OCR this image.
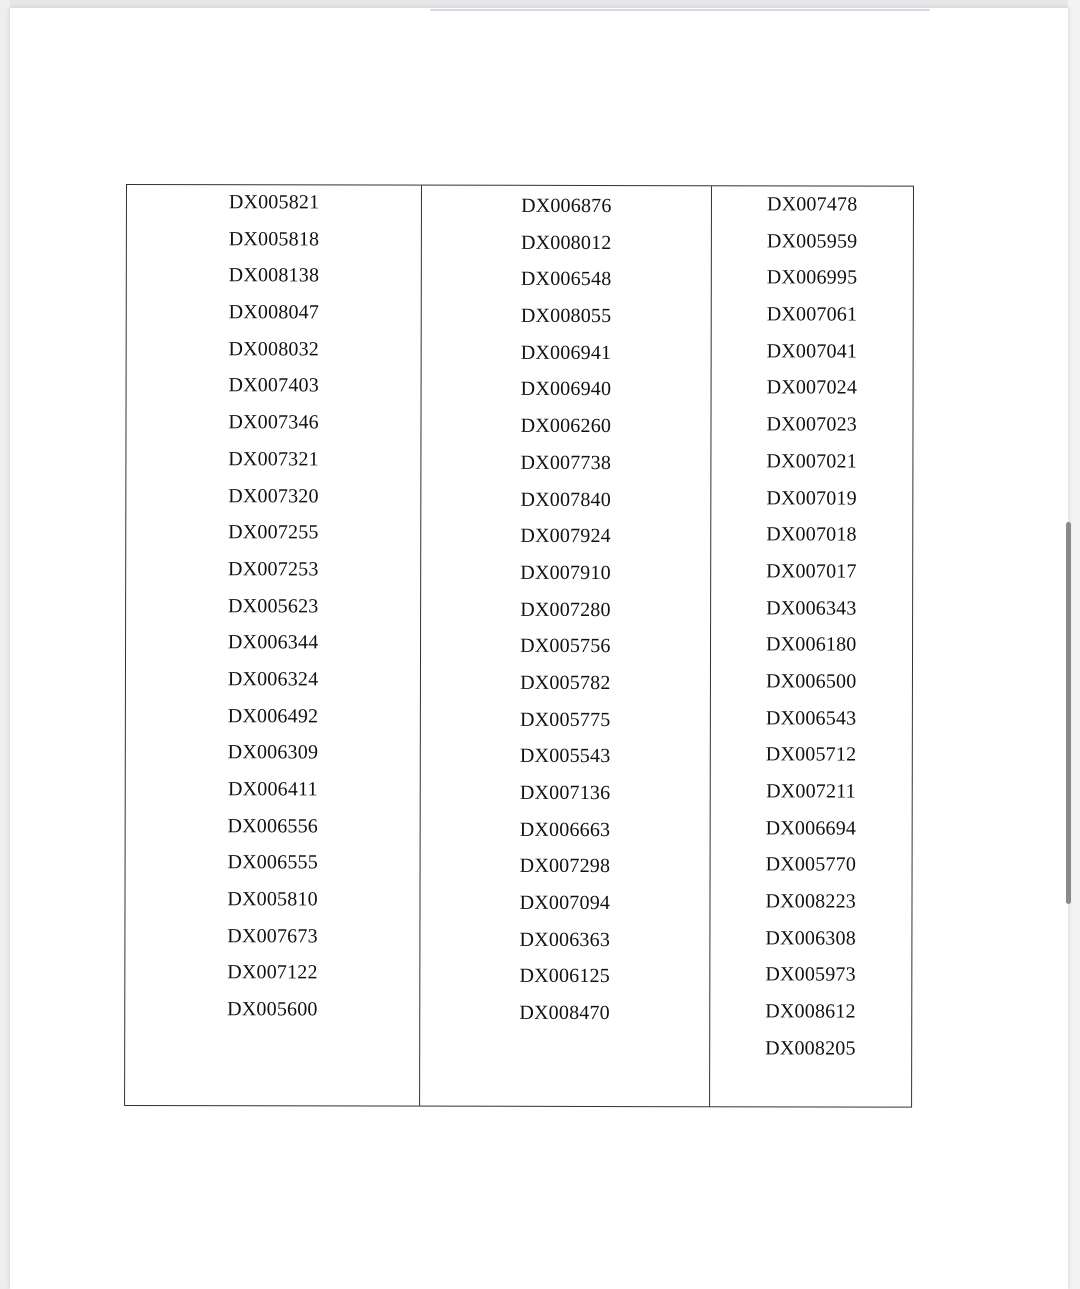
DX005821
DX005818
DX008138
DX008047
DX008032
DX007403
DX007346
DX007321
DX007320
DX007255
DX007253
DX005623
DX006344
DX006324
DX006492
DX006309
DX006411
DX006556
DX006555
DX005810
DX007673
DX007122
DX005600
DX006876
DX008012
DX006548
DX008055
DX006941
DX006940
DX006260
DX007738
DX007840
DX007924
DX007910
DX007280
DX005756
DX005782
DX005775
DX005543
DX007136
DX006663
DX007298
DX007094
DX006363
DX006125
DX008470
DX007478
DX005959
DX006995
DX007061
DX007041
DX007024
DX007023
DX007021
DX007019
DX007018
DX007017
DX006343
DX006180
DX006500
DX006543
DX005712
DX007211
DX006694
DX005770
DX008223
DX006308
DX005973
DX008612
DX008205
